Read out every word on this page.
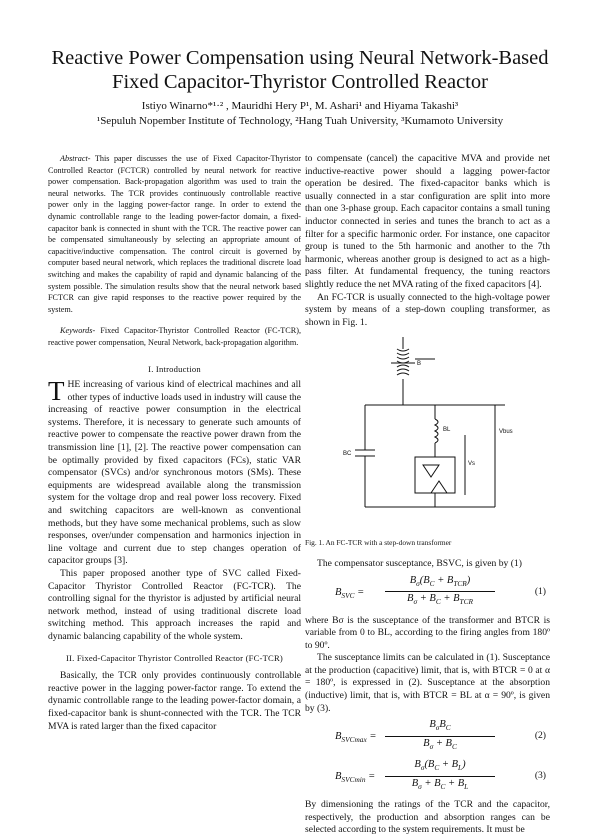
Reactive Power Compensation using Neural Network-Based
Fixed Capacitor-Thyristor Controlled Reactor
Istiyo Winarno*¹·² , Mauridhi Hery P¹, M. Ashari¹ and Hiyama Takashi³
¹Sepuluh Nopember Institute of Technology, ²Hang Tuah University, ³Kumamoto University

Abstract- This paper discusses the use of Fixed Capacitor-Thyristor Controlled Reactor (FCTCR) controlled by neural network for reactive power compensation. Back-propagation algorithm was used to train the neural networks. The TCR provides continuously controllable reactive power only in the lagging power-factor range. In order to extend the dynamic controllable range to the leading power-factor domain, a fixed-capacitor bank is connected in shunt with the TCR. The reactive power can be compensated simultaneously by selecting an appropriate amount of capacitive/inductive compensation. The control circuit is governed by computer based neural network, which replaces the traditional discrete load switching and makes the capability of rapid and dynamic balancing of the system possible. The simulation results show that the neural network based FCTCR can give rapid responses to the reactive power required by the system.

Keywords- Fixed Capacitor-Thyristor Controlled Reactor (FC-TCR), reactive power compensation, Neural Network, back-propagation algorithm.

I. Introduction

THE increasing of various kind of electrical machines and all other types of inductive loads used in industry will cause the increasing of reactive power consumption in the electrical systems. Therefore, it is necessary to generate such amounts of reactive power to compensate the reactive power drawn from the transmission line [1], [2]. The reactive power compensation can be optimally provided by fixed capacitors (FCs), static VAR compensator (SVCs) and/or synchronous motors (SMs). These equipments are widespread available along the transmission system for the voltage drop and real power loss recovery. Fixed and switching capacitors are well-known as conventional methods, but they have some mechanical problems, such as slow responses, over/under compensation and harmonics injection in line voltage and current due to step changes operation of capacitor groups [3].

This paper proposed another type of SVC called Fixed-Capacitor Thyristor Controlled Reactor (FC-TCR). The controlling signal for the thyristor is adjusted by artificial neural network method, instead of using traditional discrete load switching method. This approach increases the rapid and dynamic balancing capability of the whole system.

II. Fixed-Capacitor Thyristor Controlled Reactor (FC-TCR)

Basically, the TCR only provides continuously controllable reactive power in the lagging power-factor range. To extend the dynamic controllable range to the leading power-factor domain, a fixed-capacitor bank is shunt-connected with the TCR. The TCR MVA is rated larger than the fixed capacitor

to compensate (cancel) the capacitive MVA and provide net inductive-reactive power should a lagging power-factor operation be desired. The fixed-capacitor banks which is usually connected in a star configuration are split into more than one 3-phase group. Each capacitor contains a small tuning inductor connected in series and tunes the branch to act as a filter for a specific harmonic order. For instance, one capacitor group is tuned to the 5th harmonic and another to the 7th harmonic, whereas another group is designed to act as a high-pass filter. At fundamental frequency, the tuning reactors slightly reduce the net MVA rating of the fixed capacitors [4].

An FC-TCR is usually connected to the high-voltage power system by means of a step-down coupling transformer, as shown in Fig. 1.

B
BL
BC
Vs
Vbus

Fig. 1. An FC-TCR with a step-down transformer

The compensator susceptance, BSVC, is given by (1)

$B_{SVC}$ =
$B_\sigma(B_C + B_{TCR})$
$B_\sigma + B_C + B_{TCR}$
(1)

where Bσ is the susceptance of the transformer and BTCR is variable from 0 to BL, according to the firing angles from 180º to 90º.

The susceptance limits can be calculated in (1). Susceptance at the production (capacitive) limit, that is, with BTCR = 0 at α = 180º, is expressed in (2). Susceptance at the absorption (inductive) limit, that is, with BTCR = BL at α = 90º, is given by (3).

$B_{SVCmax}$ =
$B_\sigma B_C$
$B_\sigma + B_C$
(2)
$B_{SVCmin} = \frac{B_\sigma(B_C + B_L)}{B_\sigma + B_C + B_L}$	(3)

By dimensioning the ratings of the TCR and the capacitor, respectively, the production and absorption ranges can be selected according to the system requirements. It must be
